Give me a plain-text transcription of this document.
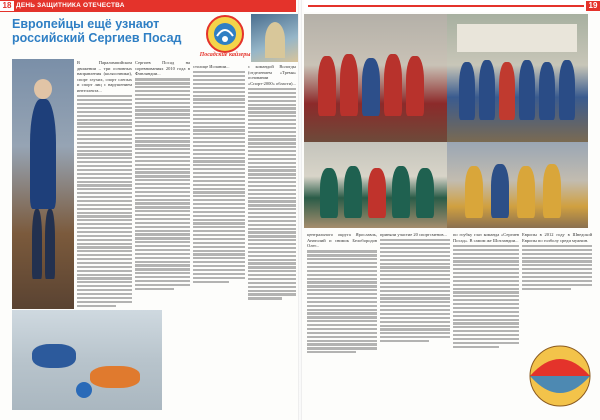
18 ДЕНЬ ЗАЩИТНИКА ОТЕЧЕСТВА	19
Европейцы ещё узнают российский Сергиев Посад
Посадские кайзеры

В Паралимпийском движении – три основных направления (колясочники), спорт глухих, спорт слепых и спорт лиц с нарушением интеллекта...

Сергиев Посад на соревнованиях 2010 года в Финляндии...

столице Испании...	с командой Вологды (отделением «Тремя» основании «Спорт-2000» области)...

центрального округа Ярославль, Анатолий и снимок Белобородов Олег...

приняли участие 20 спортсменов...	по гоубку глаз команда «Сергиев Посад». В самом же Шотландии...

Европы в 2012 году в Шведской Европы по голболу среди мужчин.
